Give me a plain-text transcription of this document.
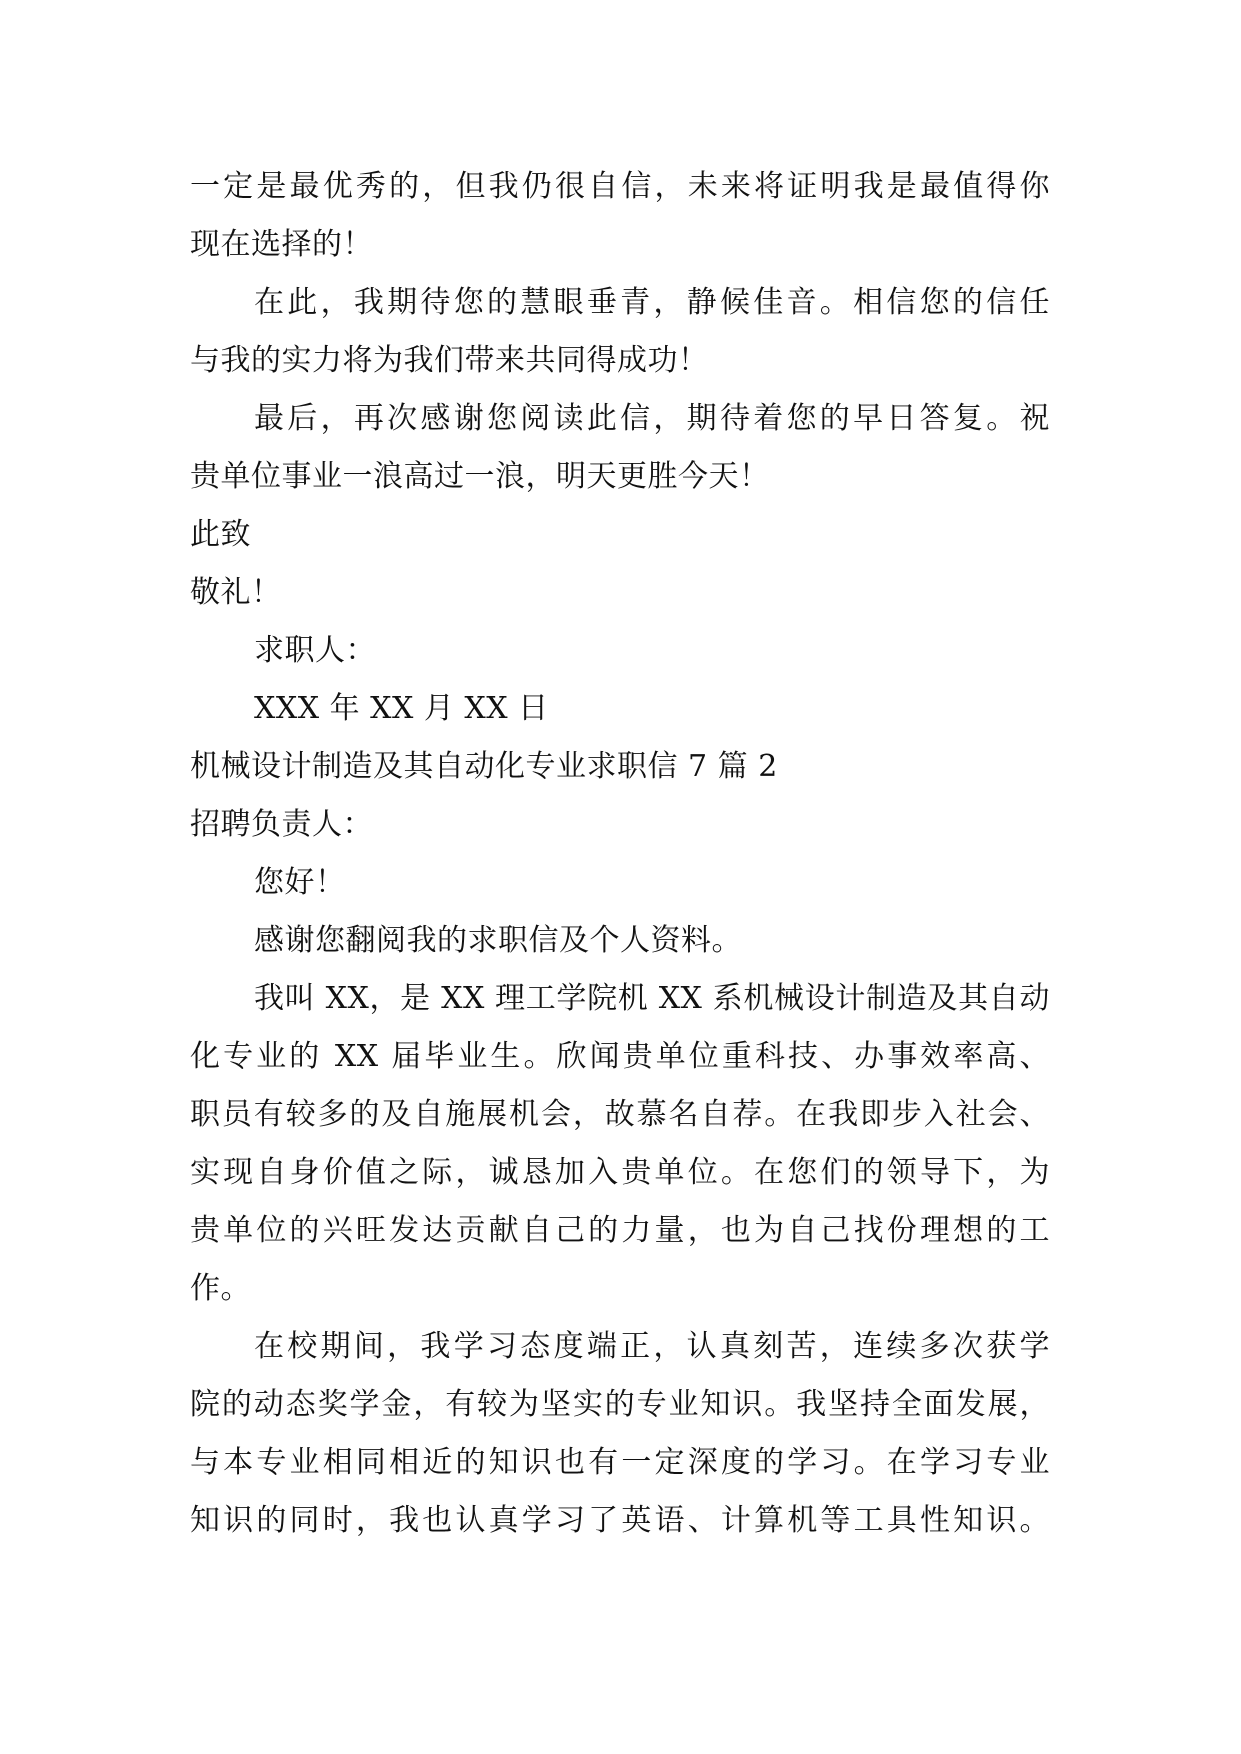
一定是最优秀的，但我仍很自信，未来将证明我是最值得你
现在选择的！
在此，我期待您的慧眼垂青，静候佳音。相信您的信任
与我的实力将为我们带来共同得成功！
最后，再次感谢您阅读此信，期待着您的早日答复。祝
贵单位事业一浪高过一浪，明天更胜今天！
此致
敬礼！
求职人：
XXX 年 XX 月 XX 日
机械设计制造及其自动化专业求职信 7 篇 2
招聘负责人：
您好！
感谢您翻阅我的求职信及个人资料。
我叫 XX，是 XX 理工学院机 XX 系机械设计制造及其自动
化专业的 XX 届毕业生。欣闻贵单位重科技、办事效率高、
职员有较多的及自施展机会，故慕名自荐。在我即步入社会、
实现自身价值之际，诚恳加入贵单位。在您们的领导下，为
贵单位的兴旺发达贡献自己的力量，也为自己找份理想的工
作。
在校期间，我学习态度端正，认真刻苦，连续多次获学
院的动态奖学金，有较为坚实的专业知识。我坚持全面发展，
与本专业相同相近的知识也有一定深度的学习。在学习专业
知识的同时，我也认真学习了英语、计算机等工具性知识。
